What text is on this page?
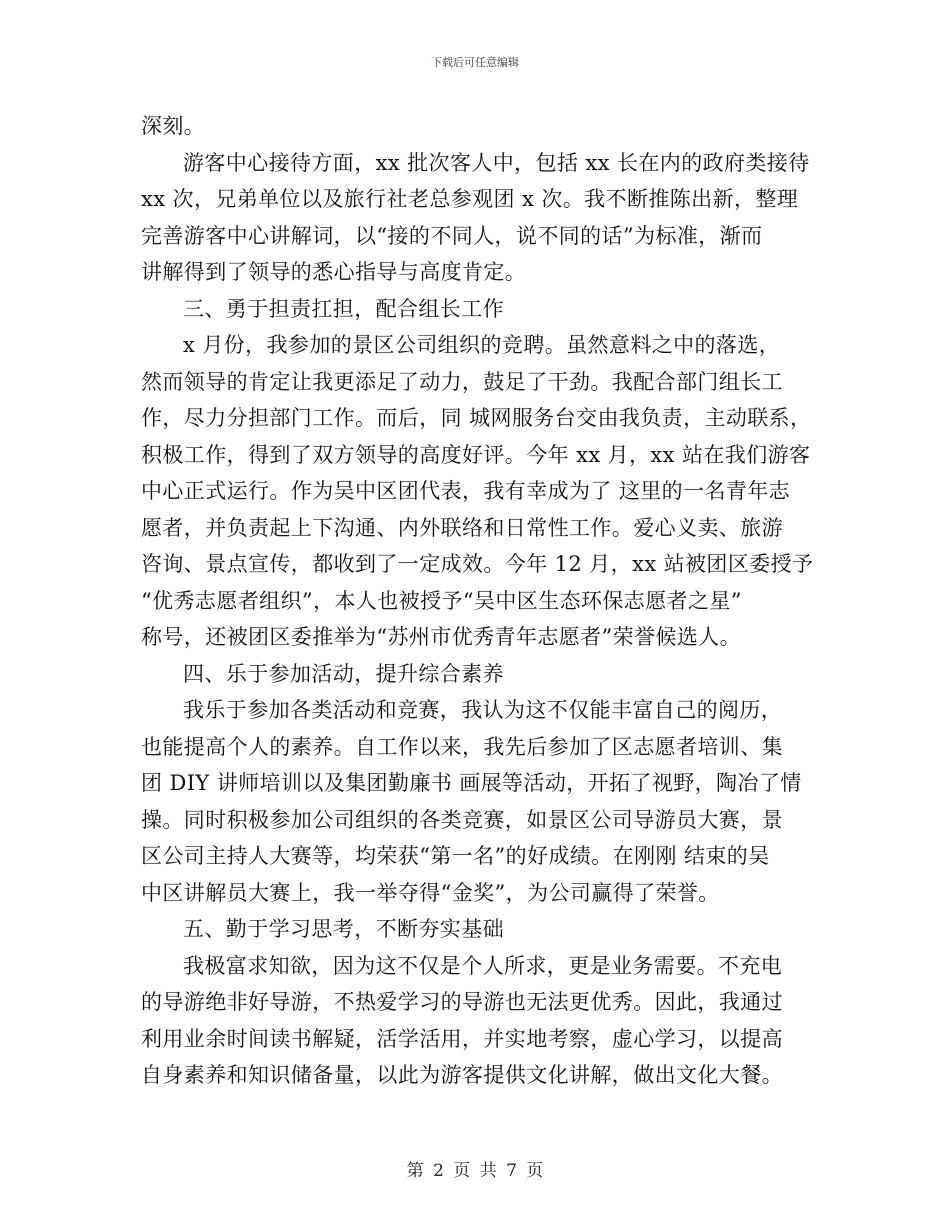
下载后可任意编辑
深刻。
游客中心接待方面，xx 批次客人中，包括 xx 长在内的政府类接待
xx 次，兄弟单位以及旅行社老总参观团 x 次。我不断推陈出新，整理
完善游客中心讲解词，以“接的不同人，说不同的话”为标准，渐而
讲解得到了领导的悉心指导与高度肯定。
三、勇于担责扛担，配合组长工作
x 月份，我参加的景区公司组织的竞聘。虽然意料之中的落选，
然而领导的肯定让我更添足了动力，鼓足了干劲。我配合部门组长工
作，尽力分担部门工作。而后，同 城网服务台交由我负责，主动联系，
积极工作，得到了双方领导的高度好评。今年 xx 月，xx 站在我们游客
中心正式运行。作为吴中区团代表，我有幸成为了 这里的一名青年志
愿者，并负责起上下沟通、内外联络和日常性工作。爱心义卖、旅游
咨询、景点宣传，都收到了一定成效。今年 12 月，xx 站被团区委授予
“优秀志愿者组织”，本人也被授予“吴中区生态环保志愿者之星”
称号，还被团区委推举为“苏州市优秀青年志愿者”荣誉候选人。
四、乐于参加活动，提升综合素养
我乐于参加各类活动和竞赛，我认为这不仅能丰富自己的阅历，
也能提高个人的素养。自工作以来，我先后参加了区志愿者培训、集
团 DIY 讲师培训以及集团勤廉书 画展等活动，开拓了视野，陶冶了情
操。同时积极参加公司组织的各类竞赛，如景区公司导游员大赛，景
区公司主持人大赛等，均荣获“第一名”的好成绩。在刚刚 结束的吴
中区讲解员大赛上，我一举夺得“金奖”，为公司赢得了荣誉。
五、勤于学习思考，不断夯实基础
我极富求知欲，因为这不仅是个人所求，更是业务需要。不充电
的导游绝非好导游，不热爱学习的导游也无法更优秀。因此，我通过
利用业余时间读书解疑，活学活用，并实地考察，虚心学习，以提高
自身素养和知识储备量，以此为游客提供文化讲解，做出文化大餐。
第 2 页 共 7 页
